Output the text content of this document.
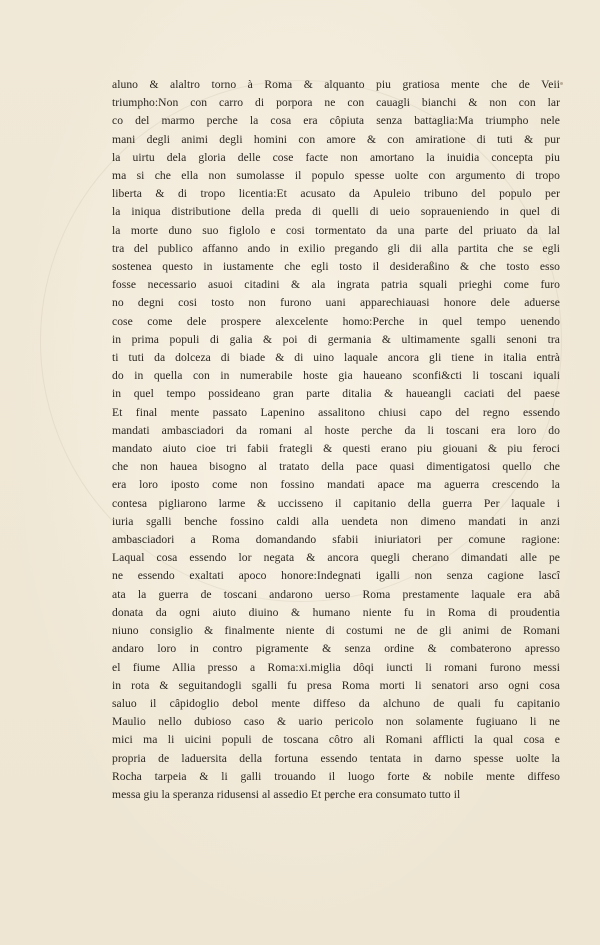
aluno & alaltro torno à Roma & alquanto piu gratiosa mente che de Veii
triumpho:Non con carro di porpora ne con cauagli bianchi & non con lar
co del marmo perche la cosa era côpiuta senza battaglia:Ma triumpho nele
mani degli animi degli homini con amore & con amiratione di tuti & pur
la uirtu dela gloria delle cose facte non amortano la inuidia concepta piu
ma si che ella non sumolasse il populo spesse uolte con argumento di tropo
liberta & di tropo licentia:Et acusato da Apuleio tribuno del populo per
la iniqua distributione della preda di quelli di ueio sopraueniendo in quel di
la morte duno suo figlolo e cosi tormentato da una parte del priuato da lal
tra del publico affanno ando in exilio pregando gli dii alla partita che se egli
sostenea questo in iustamente che egli tosto il desideraßino & che tosto esso
fosse necessario asuoi citadini & ala ingrata patria squali prieghi come furo
no degni cosi tosto non furono uani apparechiauasi honore dele aduerse
cose come dele prospere alexcelente homo:Perche in quel tempo uenendo
in prima populi di galia & poi di germania & ultimamente sgalli senoni tra
ti tuti da dolceza di biade & di uino laquale ancora gli tiene in italia entrà
do in quella con in numerabile hoste gia haueano sconfi&cti li toscani iquali
in quel tempo possideano gran parte ditalia & haueangli caciati del paese
Et final mente passato Lapenino assalitono chiusi capo del regno essendo
mandati ambasciadori da romani al hoste perche da li toscani era loro do
mandato aiuto cioe tri fabii frategli & questi erano piu giouani & piu feroci
che non hauea bisogno al tratato della pace quasi dimentigatosi quello che
era loro iposto come non fossino mandati apace ma aguerra crescendo la
contesa pigliarono larme & uccisseno il capitanio della guerra Per laquale i
iuria sgalli benche fossino caldi alla uendeta non dimeno mandati in anzi
ambasciadori a Roma domandando sfabii iniuriatori per comune ragione:
Laqual cosa essendo lor negata & ancora quegli cherano dimandati alle pe
ne essendo exaltati apoco honore:Indegnati igalli non senza cagione lascî
ata la guerra de toscani andarono uerso Roma prestamente laquale era abâ
donata da ogni aiuto diuino & humano niente fu in Roma di proudentia
niuno consiglio & finalmente niente di costumi ne de gli animi de Romani
andaro loro in contro pigramente & senza ordine & combaterono apresso
el fiume Allia presso a Roma:xi.miglia dôqi iuncti li romani furono messi
in rota & seguitandogli sgalli fu presa Roma morti li senatori arso ogni cosa
saluo il câpidoglio debol mente diffeso da alchuno de quali fu capitanio
Maulio nello dubioso caso & uario pericolo non solamente fugiuano li ne
mici ma li uicini populi de toscana côtro ali Romani afflicti la qual cosa e
propria de laduersita della fortuna essendo tentata in darno spesse uolte la
Rocha tarpeia & li galli trouando il luogo forte & nobile mente diffeso
messa giu la speranza ridusensi al assedio Et perche era consumato tutto il
